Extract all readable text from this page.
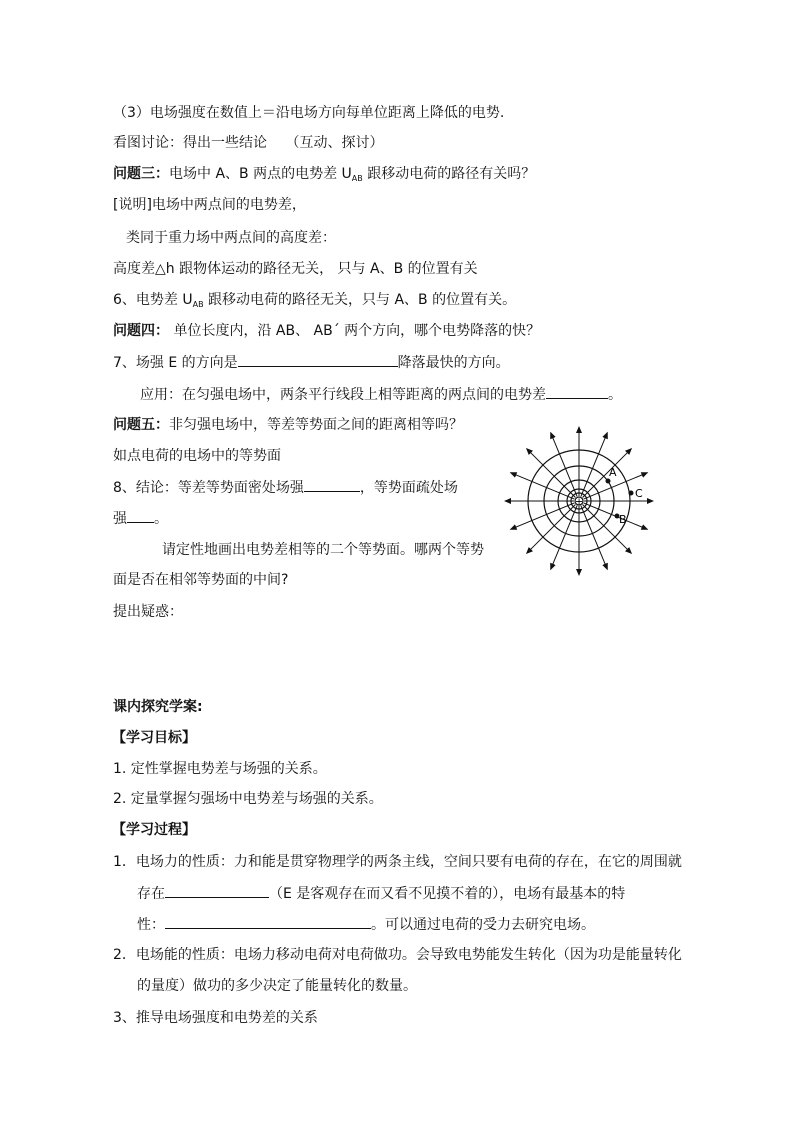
（3）电场强度在数值上＝沿电场方向每单位距离上降低的电势.
看图讨论：得出一些结论　 （互动、探讨）
问题三：电场中 A、B 两点的电势差 $U_{AB}$ 跟移动电荷的路径有关吗？
[说明]电场中两点间的电势差，
类同于重力场中两点间的高度差：
高度差△h 跟物体运动的路径无关， 只与 A、B 的位置有关
6、电势差 $U_{AB}$ 跟移动电荷的路径无关，只与 A、B 的位置有关。
问题四： 单位长度内，沿 AB、 AB´ 两个方向，哪个电势降落的快？
7、场强 E 的方向是	降落最快的方向。
应用：在匀强电场中，两条平行线段上相等距离的两点间的电势差	。
问题五：非匀强电场中，等差等势面之间的距离相等吗？
如点电荷的电场中的等势面
8、结论：等差等势面密处场强	，等势面疏处场
强 。
请定性地画出电势差相等的二个等势面。哪两个等势
面是否在相邻等势面的中间?
提出疑惑：
+
A
B
C
课内探究学案:
【学习目标】
1. 定性掌握电势差与场强的关系。
2. 定量掌握匀强场中电势差与场强的关系。
【学习过程】
1．电场力的性质：力和能是贯穿物理学的两条主线，空间只要有电荷的存在，在它的周围就
存在	（E 是客观存在而又看不见摸不着的），电场有最基本的特
性：	。可以通过电荷的受力去研究电场。
2．电场能的性质：电场力移动电荷对电荷做功。会导致电势能发生转化（因为功是能量转化
的量度）做功的多少决定了能量转化的数量。
3、推导电场强度和电势差的关系
